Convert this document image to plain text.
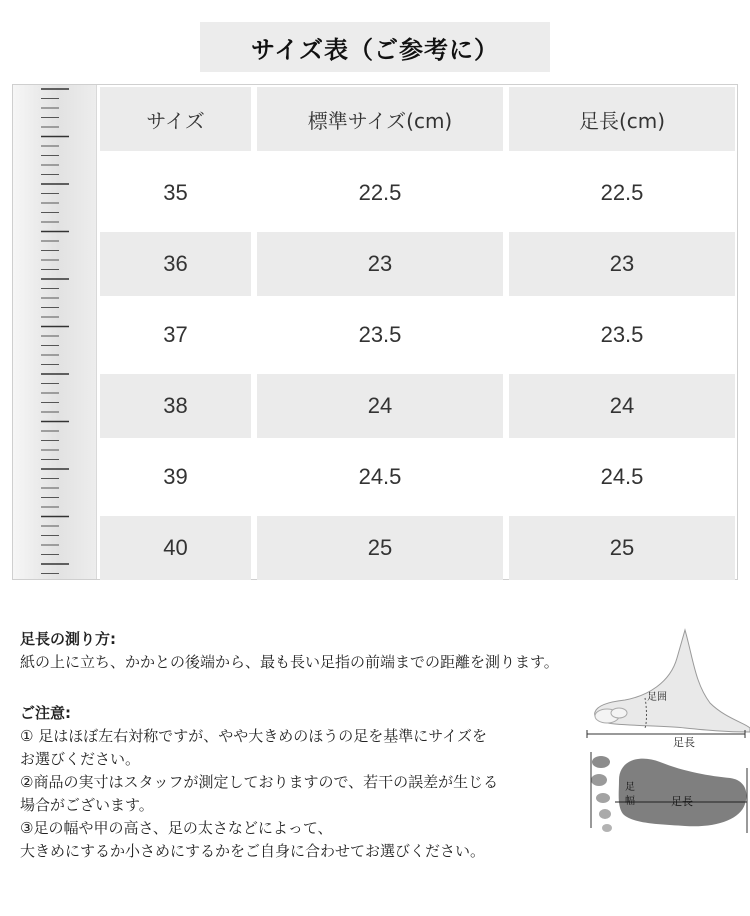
サイズ表（ご参考に）
サイズ	標準サイズ(cm)	足長(cm)
35	22.5	22.5
36	23	23
37	23.5	23.5
38	24	24
39	24.5	24.5
40	25	25
足長の測り方:
紙の上に立ち、かかとの後端から、最も長い足指の前端までの距離を測ります。
ご注意:
① 足はほぼ左右対称ですが、やや大きめのほうの足を基準にサイズを
お選びください。
②商品の実寸はスタッフが測定しておりますので、若干の誤差が生じる
場合がございます。
③足の幅や甲の高さ、足の太さなどによって、
大きめにするか小さめにするかをご自身に合わせてお選びください。
足囲
足長
足長
足
幅
